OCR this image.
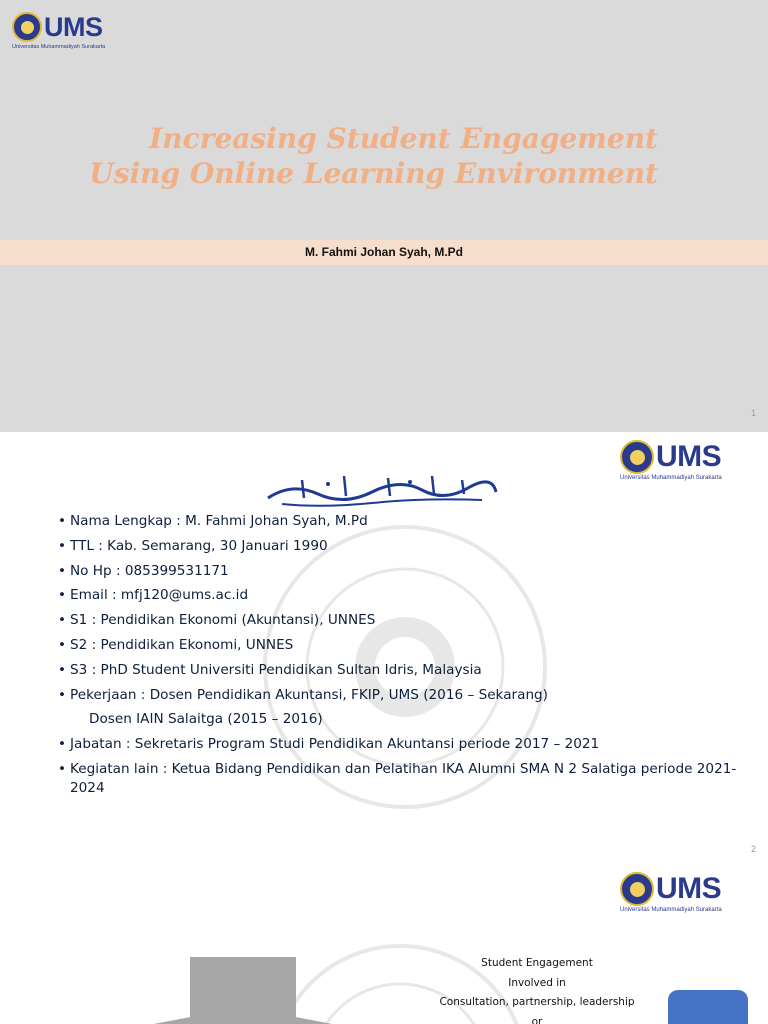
UMS
Universitas Muhammadiyah Surakarta

Increasing Student Engagement

Using Online Learning Environment

M. Fahmi Johan Syah, M.Pd
1
UMS
Universitas Muhammadiyah Surakarta
• Nama Lengkap : M. Fahmi Johan Syah, M.Pd
• TTL : Kab. Semarang, 30 Januari 1990
• No Hp : 085399531171
• Email : mfj120@ums.ac.id
• S1 : Pendidikan Ekonomi (Akuntansi), UNNES
• S2 : Pendidikan Ekonomi, UNNES
• S3 : PhD Student Universiti Pendidikan Sultan Idris, Malaysia
• Pekerjaan : Dosen Pendidikan Akuntansi, FKIP, UMS (2016 – Sekarang)
Dosen IAIN Salaitga (2015 – 2016)
• Jabatan : Sekretaris Program Studi Pendidikan Akuntansi periode 2017 – 2021
• Kegiatan lain : Ketua Bidang Pendidikan dan Pelatihan IKA Alumni SMA N 2 Salatiga periode 2021-2024
2
UMS
Universitas Muhammadiyah Surakarta
Student Engagement
Involved in
Consultation, partnership, leadership
or
